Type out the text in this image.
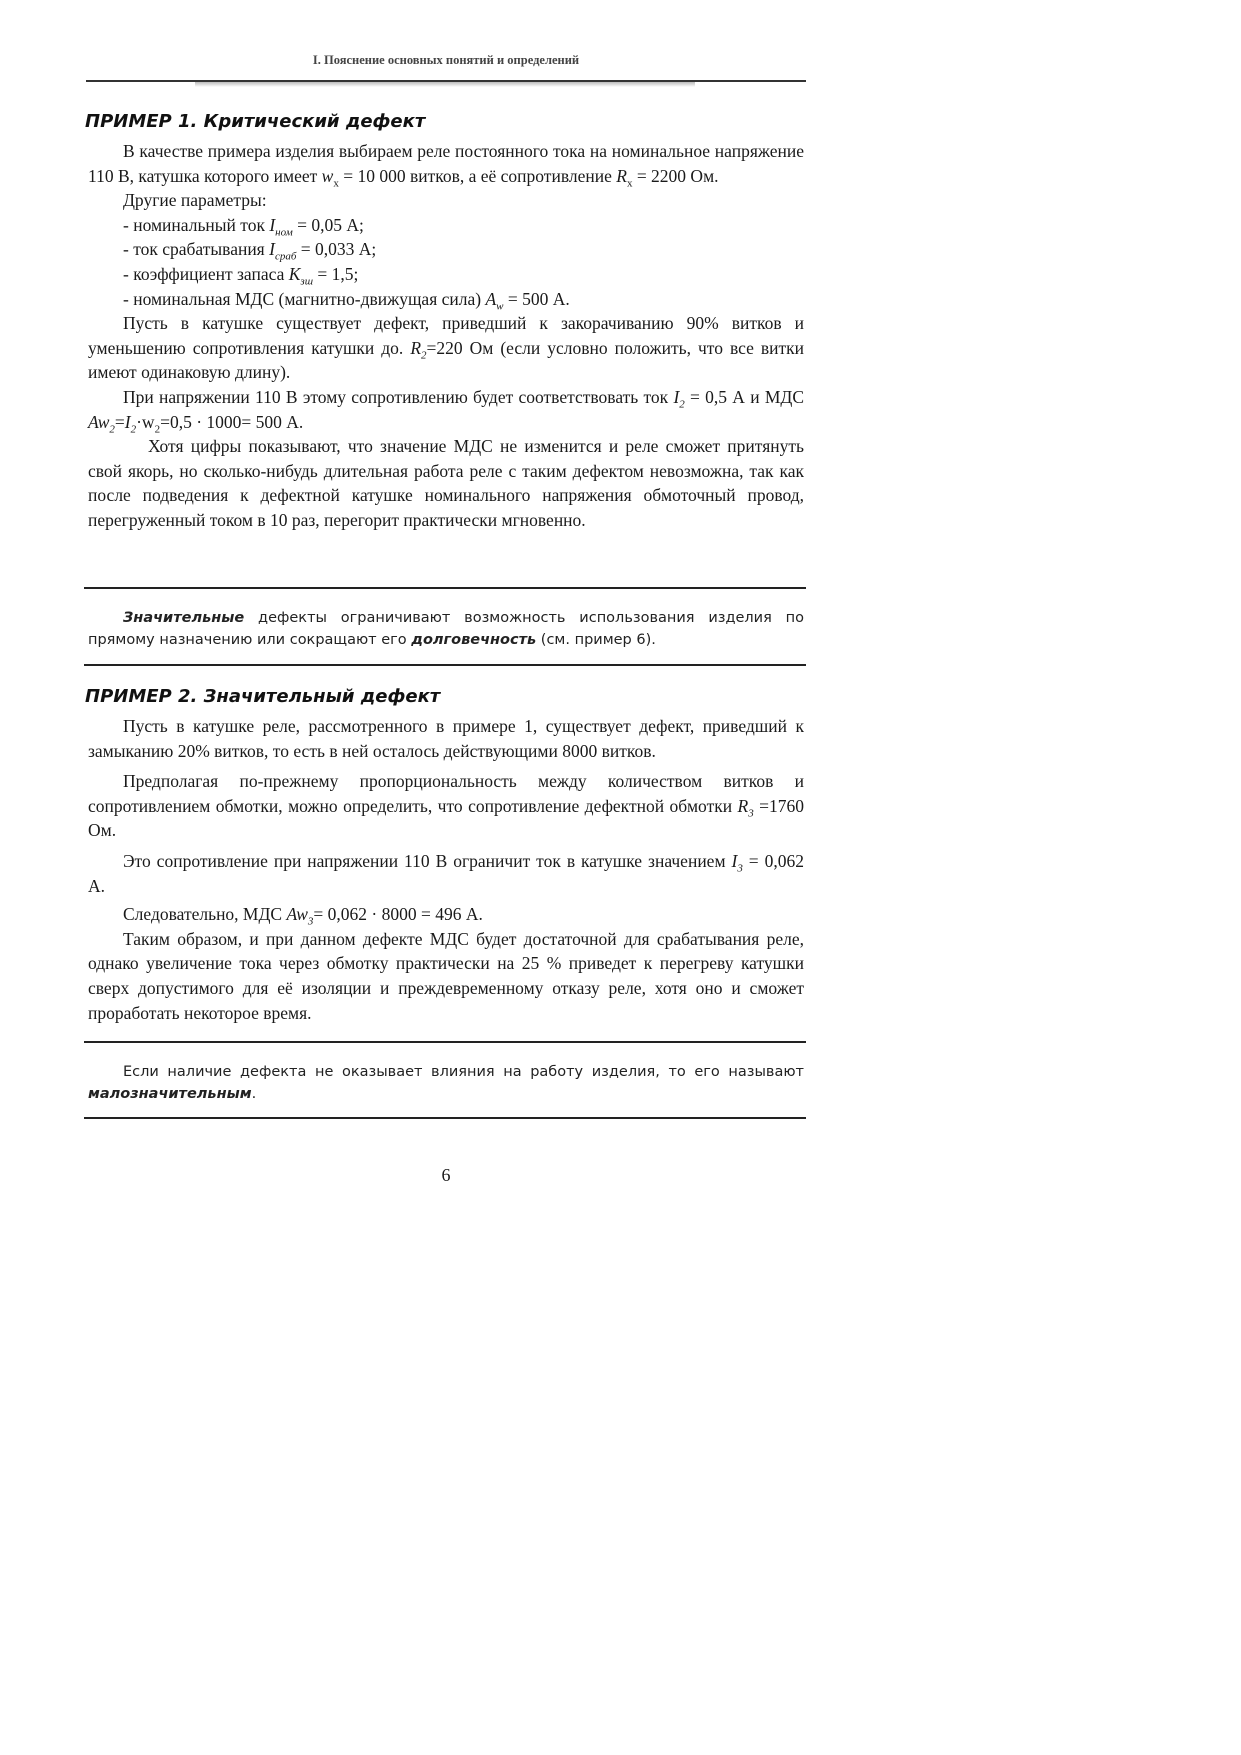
I. Пояснение основных понятий и определений
ПРИМЕР 1. Критический дефект

В качестве примера изделия выбираем реле постоянного тока на номинальное напряжение 110 В, катушка которого имеет $w_x = 10$ 000 витков, а её сопротивление $R_x = 2200$ Ом.

Другие параметры:

- номинальный ток $I_{ном} = 0,05$ А;

- ток срабатывания $I_{сраб} = 0,033$ А;

- коэффициент запаса $K_{зш} = 1,5$;

- номинальная МДС (магнитно-движущая сила) $A_w = 500$ А.

Пусть в катушке существует дефект, приведший к закорачиванию 90% витков и уменьшению сопротивления катушки до. $R_2=220$ Ом (если условно положить, что все витки имеют одинаковую длину).

При напряжении 110 В этому сопротивлению будет соответствовать ток $I_2 = 0,5$ А и МДС $Aw_2=I_2\cdot w_2=0,5 \cdot 1000= 500$ А.

Хотя цифры показывают, что значение МДС не изменится и реле сможет притянуть свой якорь, но сколько-нибудь длительная работа реле с таким дефектом невозможна, так как после подведения к дефектной катушке номинального напряжения обмоточный провод, перегруженный током в 10 раз, перегорит практически мгновенно.

Значительные дефекты ограничивают возможность использования изделия по прямому назначению или сокращают его долговечность (см. пример 6).

ПРИМЕР 2. Значительный дефект

Пусть в катушке реле, рассмотренного в примере 1, существует дефект, приведший к замыканию 20% витков, то есть в ней осталось действующими 8000 витков.

Предполагая по-прежнему пропорциональность между количеством витков и сопротивлением обмотки, можно определить, что сопротивление дефектной обмотки $R_3 =1760$ Ом.

Это сопротивление при напряжении 110 В ограничит ток в катушке значением $I_3 = 0,062$ А.

Следовательно, МДС $Aw_3= 0,062 \cdot 8000 = 496$ А.

Таким образом, и при данном дефекте МДС будет достаточной для срабатывания реле, однако увеличение тока через обмотку практически на 25 % приведет к перегреву катушки сверх допустимого для её изоляции и преждевременному отказу реле, хотя оно и сможет проработать некоторое время.

Если наличие дефекта не оказывает влияния на работу изделия, то его называют малозначительным.

6
